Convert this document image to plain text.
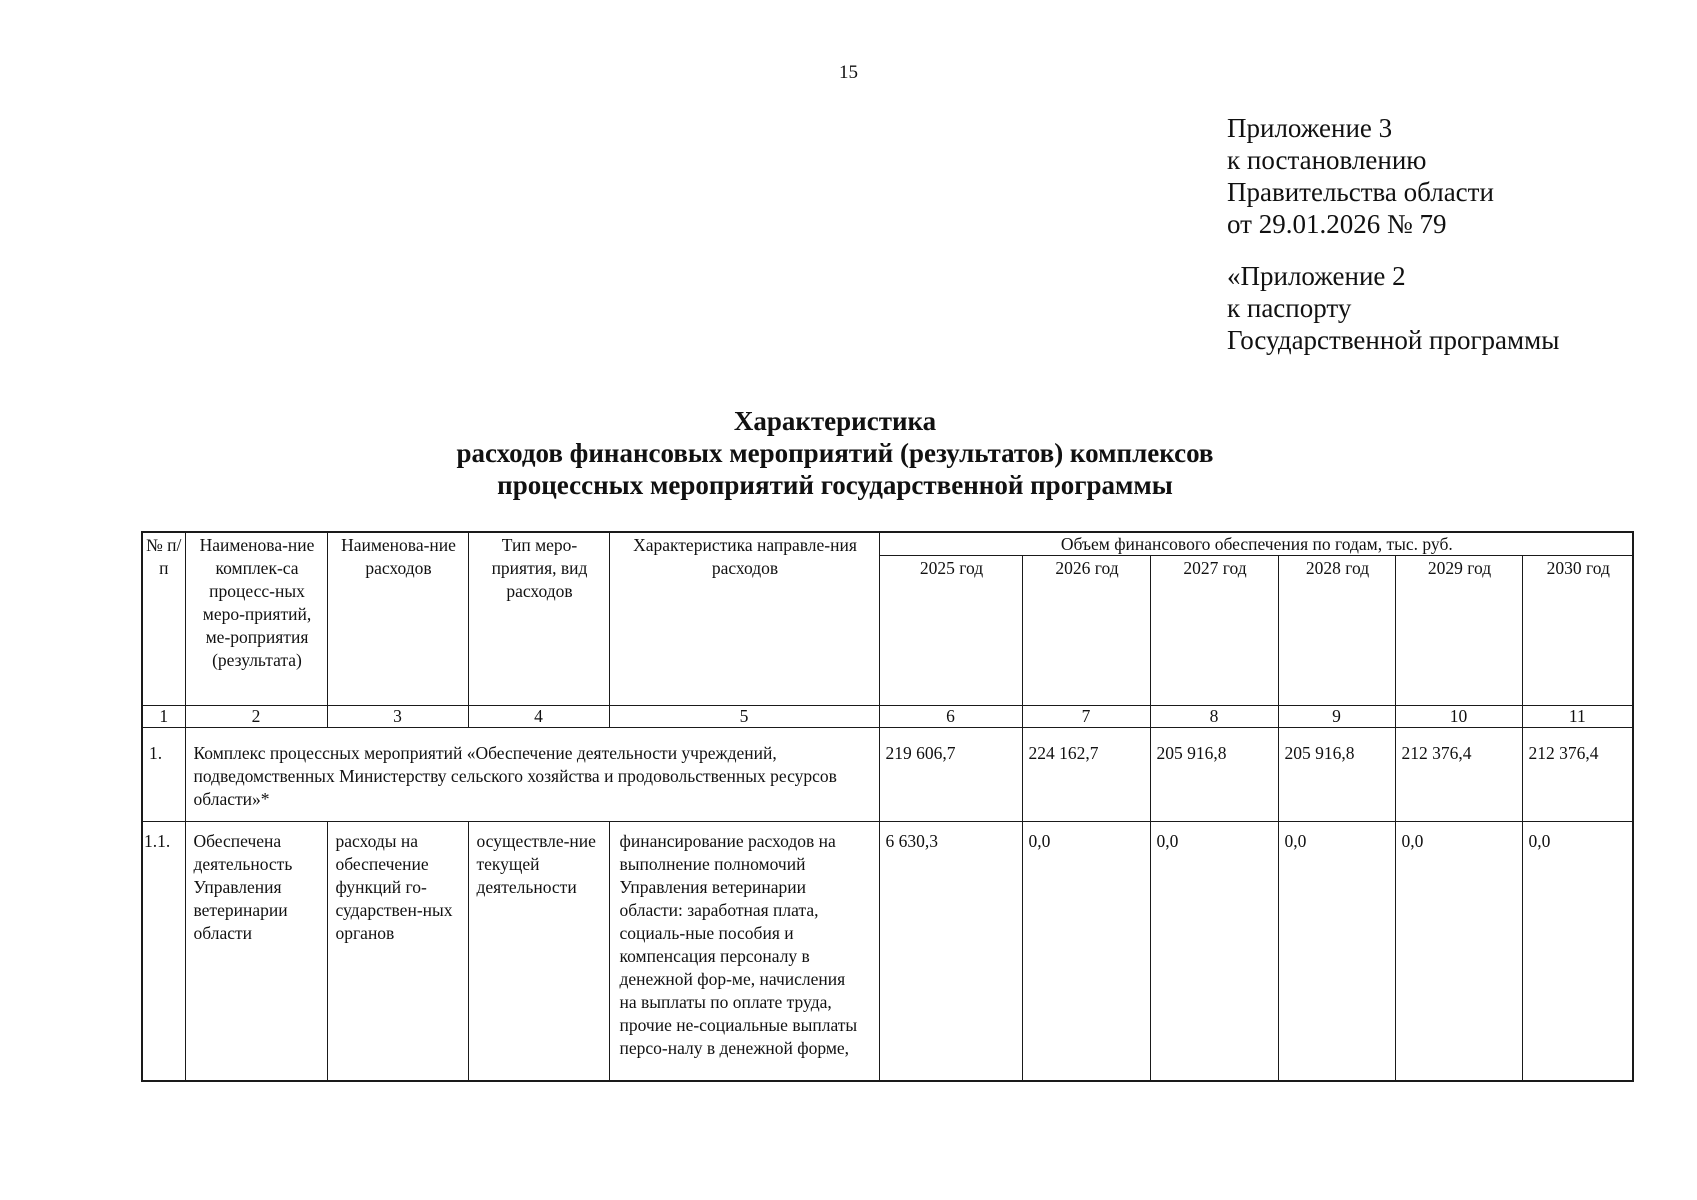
15
Приложение 3
к постановлению
Правительства области
от 29.01.2026 № 79
«Приложение 2
к паспорту
Государственной программы
Характеристика
расходов финансовых мероприятий (результатов) комплексов
процессных мероприятий государственной программы
№ п/п	Наименова-ние комплек-са процесс-ных меро-приятий, ме-роприятия (результата)	Наименова-ние расходов	Тип меро-приятия, вид расходов	Характеристика направле-ния расходов	Объем финансового обеспечения по годам, тыс. руб.					
					2025 год	2026 год	2027 год	2028 год	2029 год	2030 год
1	2	3	4	5	6	7	8	9	10	11
1.	Комплекс процессных мероприятий «Обеспечение деятельности учреждений, подведомственных Министерству сельского хозяйства и продовольственных ресурсов области»*				219 606,7	224 162,7	205 916,8	205 916,8	212 376,4	212 376,4
1.1.	Обеспечена деятельность Управления ветеринарии области	расходы на обеспечение функций го-сударствен-ных органов	осуществле-ние текущей деятельности	финансирование расходов на выполнение полномочий Управления ветеринарии области: заработная плата, социаль-ные пособия и компенсация персоналу в денежной фор-ме, начисления на выплаты по оплате труда, прочие не-социальные выплаты персо-налу в денежной форме,	6 630,3	0,0	0,0	0,0	0,0	0,0
